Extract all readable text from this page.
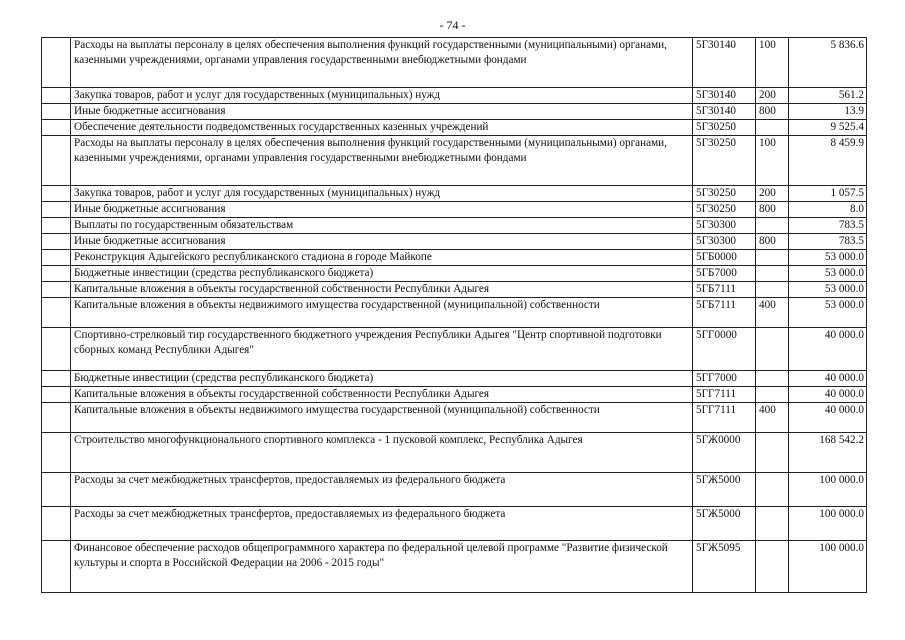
- 74 -
	Расходы на выплаты персоналу в целях обеспечения выполнения функций государственными (муниципальными) органами, казенными учреждениями, органами управления государственными внебюджетными фондами	5Г30140	100	5 836.6
	Закупка товаров, работ и услуг для государственных (муниципальных) нужд	5Г30140	200	561.2
	Иные бюджетные ассигнования	5Г30140	800	13.9
	Обеспечение деятельности подведомственных государственных казенных учреждений	5Г30250		9 525.4
	Расходы на выплаты персоналу в целях обеспечения выполнения функций государственными (муниципальными) органами, казенными учреждениями, органами управления государственными внебюджетными фондами	5Г30250	100	8 459.9
	Закупка товаров, работ и услуг для государственных (муниципальных) нужд	5Г30250	200	1 057.5
	Иные бюджетные ассигнования	5Г30250	800	8.0
	Выплаты по государственным обязательствам	5Г30300		783.5
	Иные бюджетные ассигнования	5Г30300	800	783.5
	Реконструкция Адыгейского республиканского стадиона в городе Майкопе	5ГБ0000		53 000.0
	Бюджетные инвестиции (средства республиканского бюджета)	5ГБ7000		53 000.0
	Капитальные вложения в объекты государственной собственности Республики Адыгея	5ГБ7111		53 000.0
	Капитальные вложения в объекты недвижимого имущества государственной (муниципальной) собственности	5ГБ7111	400	53 000.0
	Спортивно-стрелковый тир государственного бюджетного учреждения Республики Адыгея "Центр спортивной подготовки сборных команд Республики Адыгея"	5ГГ0000		40 000.0
	Бюджетные инвестиции (средства республиканского бюджета)	5ГГ7000		40 000.0
	Капитальные вложения в объекты государственной собственности Республики Адыгея	5ГГ7111		40 000.0
	Капитальные вложения в объекты недвижимого имущества государственной (муниципальной) собственности	5ГГ7111	400	40 000.0
	Строительство многофункционального спортивного комплекса - 1 пусковой комплекс, Республика Адыгея	5ГЖ0000		168 542.2
	Расходы за счет межбюджетных трансфертов, предоставляемых из федерального бюджета	5ГЖ5000		100 000.0
	Расходы за счет межбюджетных трансфертов, предоставляемых из федерального бюджета	5ГЖ5000		100 000.0
	Финансовое обеспечение расходов общепрограммного характера по федеральной целевой программе "Развитие физической культуры и спорта в Российской Федерации на 2006 - 2015 годы"	5ГЖ5095		100 000.0
